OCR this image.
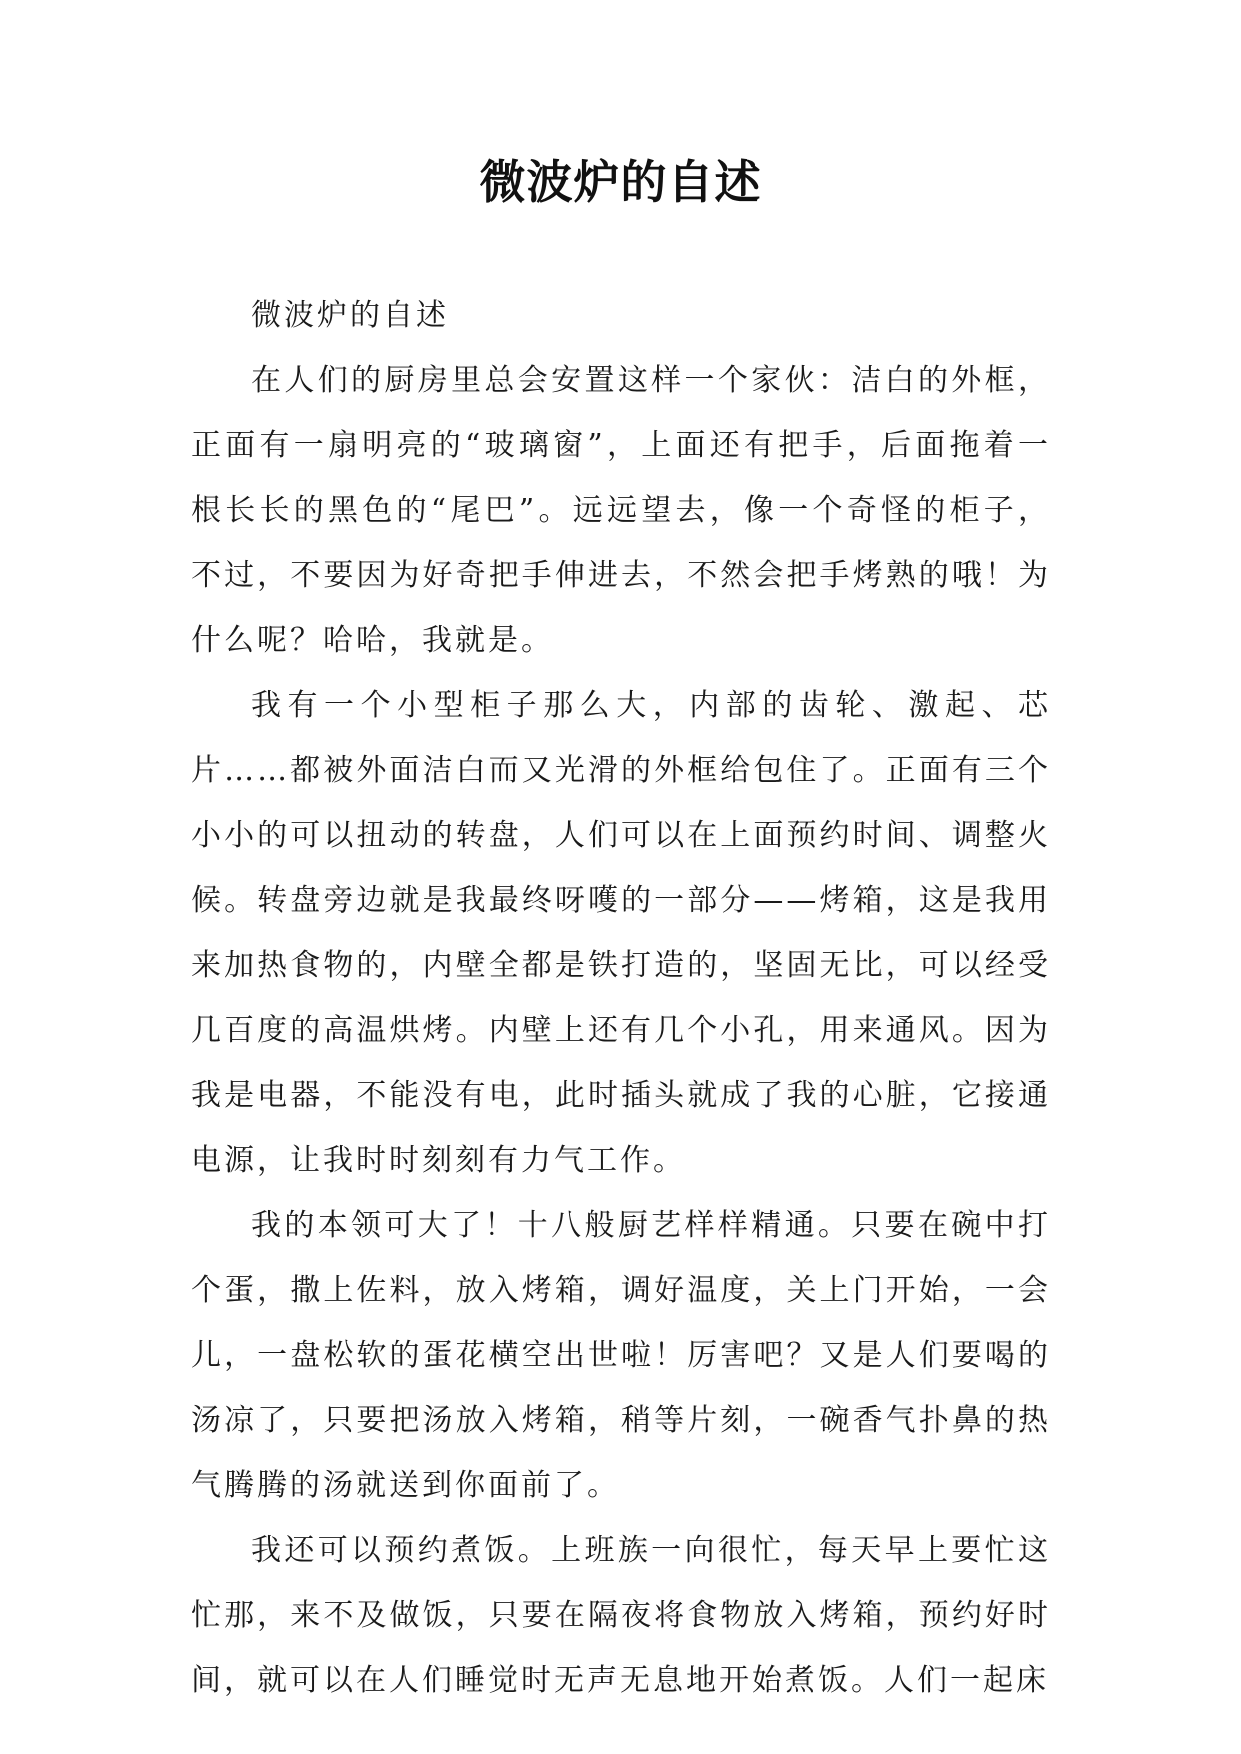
微波炉的自述

微波炉的自述

在人们的厨房里总会安置这样一个家伙：洁白的外框，正面有一扇明亮的“玻璃窗”，上面还有把手，后面拖着一根长长的黑色的“尾巴”。远远望去，像一个奇怪的柜子，不过，不要因为好奇把手伸进去，不然会把手烤熟的哦！为什么呢？哈哈，我就是。

我有一个小型柜子那么大，内部的齿轮、激起、芯片……都被外面洁白而又光滑的外框给包住了。正面有三个小小的可以扭动的转盘，人们可以在上面预约时间、调整火候。转盘旁边就是我最终呀嚄的一部分——烤箱，这是我用来加热食物的，内壁全都是铁打造的，坚固无比，可以经受几百度的高温烘烤。内壁上还有几个小孔，用来通风。因为我是电器，不能没有电，此时插头就成了我的心脏，它接通电源，让我时时刻刻有力气工作。

我的本领可大了！十八般厨艺样样精通。只要在碗中打个蛋，撒上佐料，放入烤箱，调好温度，关上门开始，一会儿，一盘松软的蛋花横空出世啦！厉害吧？又是人们要喝的汤凉了，只要把汤放入烤箱，稍等片刻，一碗香气扑鼻的热气腾腾的汤就送到你面前了。

我还可以预约煮饭。上班族一向很忙，每天早上要忙这忙那，来不及做饭，只要在隔夜将食物放入烤箱，预约好时间，就可以在人们睡觉时无声无息地开始煮饭。人们一起床
